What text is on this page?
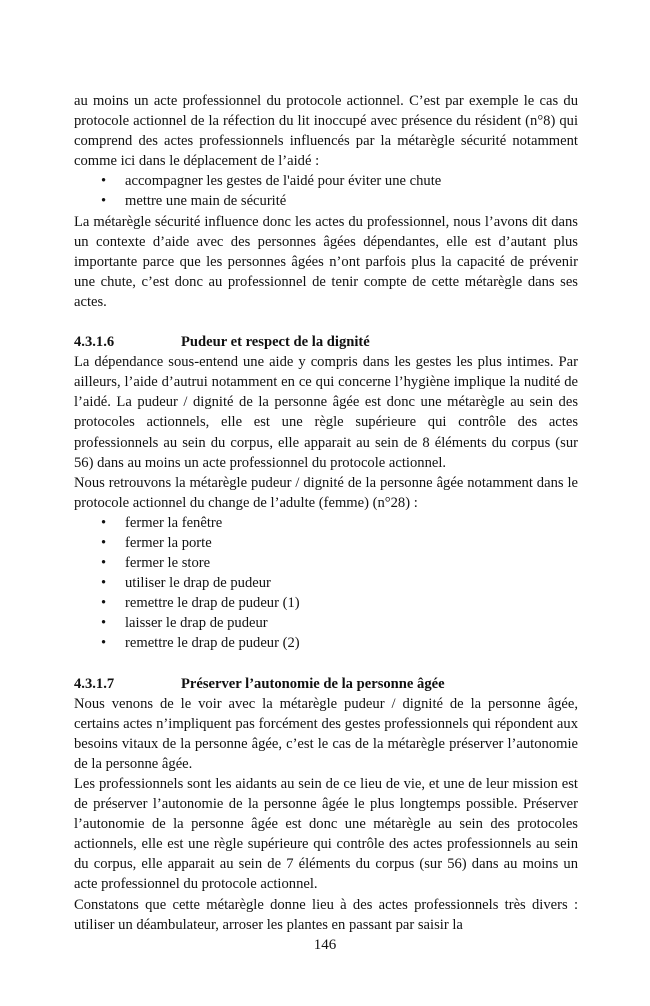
au moins un acte professionnel du protocole actionnel. C’est par exemple le cas du protocole actionnel de la réfection du lit inoccupé avec présence du résident (n°8) qui comprend des actes professionnels influencés par la métarègle sécurité notamment comme ici dans le déplacement de l’aidé :

• accompagner les gestes de l'aidé pour éviter une chute
• mettre une main de sécurité

La métarègle sécurité influence donc les actes du professionnel, nous l’avons dit dans un contexte d’aide avec des personnes âgées dépendantes, elle est d’autant plus importante parce que les personnes âgées n’ont parfois plus la capacité de prévenir une chute, c’est donc au professionnel de tenir compte de cette métarègle dans ses actes.

4.3.1.6	Pudeur et respect de la dignité

La dépendance sous-entend une aide y compris dans les gestes les plus intimes. Par ailleurs, l’aide d’autrui notamment en ce qui concerne l’hygiène implique la nudité de l’aidé. La pudeur / dignité de la personne âgée est donc une métarègle au sein des protocoles actionnels, elle est une règle supérieure qui contrôle des actes professionnels au sein du corpus, elle apparait au sein de 8 éléments du corpus (sur 56) dans au moins un acte professionnel du protocole actionnel.

Nous retrouvons la métarègle pudeur / dignité de la personne âgée notamment dans le protocole actionnel du change de l’adulte (femme) (n°28) :

• fermer la fenêtre
• fermer la porte
• fermer le store
• utiliser le drap de pudeur
• remettre le drap de pudeur (1)
• laisser le drap de pudeur
• remettre le drap de pudeur (2)
4.3.1.7	Préserver l’autonomie de la personne âgée

Nous venons de le voir avec la métarègle pudeur / dignité de la personne âgée, certains actes n’impliquent pas forcément des gestes professionnels qui répondent aux besoins vitaux de la personne âgée, c’est le cas de la métarègle préserver l’autonomie de la personne âgée.

Les professionnels sont les aidants au sein de ce lieu de vie, et une de leur mission est de préserver l’autonomie de la personne âgée le plus longtemps possible. Préserver l’autonomie de la personne âgée est donc une métarègle au sein des protocoles actionnels, elle est une règle supérieure qui contrôle des actes professionnels au sein du corpus, elle apparait au sein de 7 éléments du corpus (sur 56) dans au moins un acte professionnel du protocole actionnel.

Constatons que cette métarègle donne lieu à des actes professionnels très divers : utiliser un déambulateur, arroser les plantes en passant par saisir la

146
